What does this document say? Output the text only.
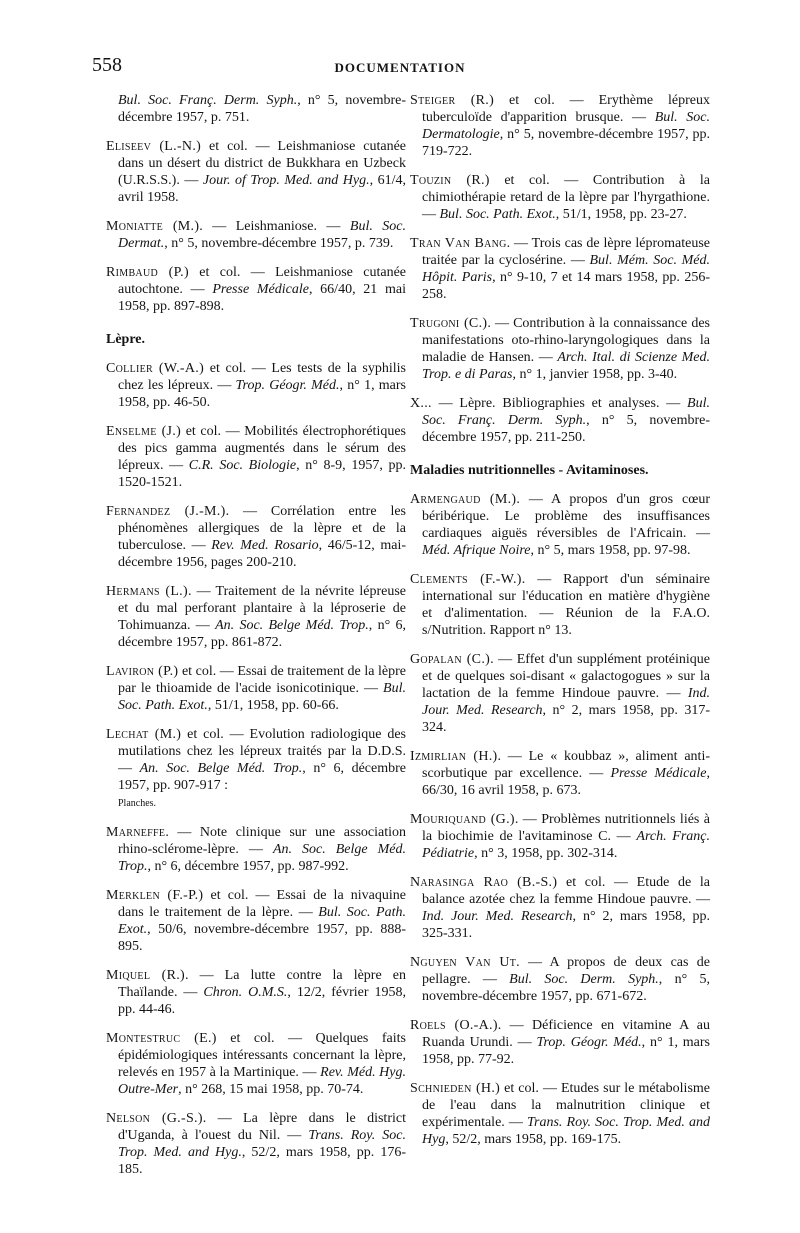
558	DOCUMENTATION
Bul. Soc. Franç. Derm. Syph., n° 5, novembre-décembre 1957, p. 751.
Eliseev (L.-N.) et col. — Leishmaniose cutanée dans un désert du district de Bukkhara en Uzbeck (U.R.S.S.). — Jour. of Trop. Med. and Hyg., 61/4, avril 1958.
Moniatte (M.). — Leishmaniose. — Bul. Soc. Dermat., n° 5, novembre-décembre 1957, p. 739.
Rimbaud (P.) et col. — Leishmaniose cutanée autochtone. — Presse Médicale, 66/40, 21 mai 1958, pp. 897-898.
Lèpre.
Collier (W.-A.) et col. — Les tests de la syphilis chez les lépreux. — Trop. Géogr. Méd., n° 1, mars 1958, pp. 46-50.
Enselme (J.) et col. — Mobilités électrophorétiques des pics gamma augmentés dans le sérum des lépreux. — C.R. Soc. Biologie, n° 8-9, 1957, pp. 1520-1521.
Fernandez (J.-M.). — Corrélation entre les phénomènes allergiques de la lèpre et de la tuberculose. — Rev. Med. Rosario, 46/5-12, mai-décembre 1956, pages 200-210.
Hermans (L.). — Traitement de la névrite lépreuse et du mal perforant plantaire à la léproserie de Tohimuanza. — An. Soc. Belge Méd. Trop., n° 6, décembre 1957, pp. 861-872.
Laviron (P.) et col. — Essai de traitement de la lèpre par le thioamide de l'acide isonicotinique. — Bul. Soc. Path. Exot., 51/1, 1958, pp. 60-66.
Lechat (M.) et col. — Evolution radiologique des mutilations chez les lépreux traités par la D.D.S. — An. Soc. Belge Méd. Trop., n° 6, décembre 1957, pp. 907-917 :
Planches.
Marneffe. — Note clinique sur une association rhino-sclérome-lèpre. — An. Soc. Belge Méd. Trop., n° 6, décembre 1957, pp. 987-992.
Merklen (F.-P.) et col. — Essai de la nivaquine dans le traitement de la lèpre. — Bul. Soc. Path. Exot., 50/6, novembre-décembre 1957, pp. 888-895.
Miquel (R.). — La lutte contre la lèpre en Thaïlande. — Chron. O.M.S., 12/2, février 1958, pp. 44-46.
Montestruc (E.) et col. — Quelques faits épidémiologiques intéressants concernant la lèpre, relevés en 1957 à la Martinique. — Rev. Méd. Hyg. Outre-Mer, n° 268, 15 mai 1958, pp. 70-74.
Nelson (G.-S.). — La lèpre dans le district d'Uganda, à l'ouest du Nil. — Trans. Roy. Soc. Trop. Med. and Hyg., 52/2, mars 1958, pp. 176-185.
Steiger (R.) et col. — Erythème lépreux tuberculoïde d'apparition brusque. — Bul. Soc. Dermatologie, n° 5, novembre-décembre 1957, pp. 719-722.
Touzin (R.) et col. — Contribution à la chimiothérapie retard de la lèpre par l'hyrgathione. — Bul. Soc. Path. Exot., 51/1, 1958, pp. 23-27.
Tran Van Bang. — Trois cas de lèpre lépromateuse traitée par la cyclosérine. — Bul. Mém. Soc. Méd. Hôpit. Paris, n° 9-10, 7 et 14 mars 1958, pp. 256-258.
Trugoni (C.). — Contribution à la connaissance des manifestations oto-rhino-laryngologiques dans la maladie de Hansen. — Arch. Ital. di Scienze Med. Trop. e di Paras, n° 1, janvier 1958, pp. 3-40.
X... — Lèpre. Bibliographies et analyses. — Bul. Soc. Franç. Derm. Syph., n° 5, novembre-décembre 1957, pp. 211-250.
Maladies nutritionnelles - Avitaminoses.
Armengaud (M.). — A propos d'un gros cœur béribérique. Le problème des insuffisances cardiaques aiguës réversibles de l'Africain. — Méd. Afrique Noire, n° 5, mars 1958, pp. 97-98.
Clements (F.-W.). — Rapport d'un séminaire international sur l'éducation en matière d'hygiène et d'alimentation. — Réunion de la F.A.O. s/Nutrition. Rapport n° 13.
Gopalan (C.). — Effet d'un supplément protéinique et de quelques soi-disant « galactogogues » sur la lactation de la femme Hindoue pauvre. — Ind. Jour. Med. Research, n° 2, mars 1958, pp. 317-324.
Izmirlian (H.). — Le « koubbaz », aliment anti-scorbutique par excellence. — Presse Médicale, 66/30, 16 avril 1958, p. 673.
Mouriquand (G.). — Problèmes nutritionnels liés à la biochimie de l'avitaminose C. — Arch. Franç. Pédiatrie, n° 3, 1958, pp. 302-314.
Narasinga Rao (B.-S.) et col. — Etude de la balance azotée chez la femme Hindoue pauvre. — Ind. Jour. Med. Research, n° 2, mars 1958, pp. 325-331.
Nguyen Van Ut. — A propos de deux cas de pellagre. — Bul. Soc. Derm. Syph., n° 5, novembre-décembre 1957, pp. 671-672.
Roels (O.-A.). — Déficience en vitamine A au Ruanda Urundi. — Trop. Géogr. Méd., n° 1, mars 1958, pp. 77-92.
Schnieden (H.) et col. — Etudes sur le métabolisme de l'eau dans la malnutrition clinique et expérimentale. — Trans. Roy. Soc. Trop. Med. and Hyg, 52/2, mars 1958, pp. 169-175.
